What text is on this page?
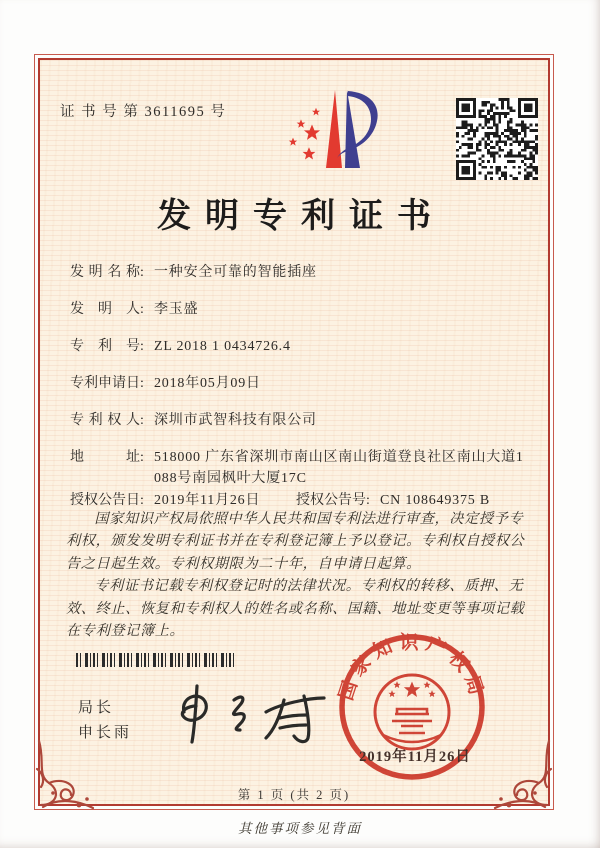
证 书 号 第 3611695 号
发明专利证书
发明名称 : 一种安全可靠的智能插座
发明人 : 李玉盛
专利号 : ZL 2018 1 0434726.4
专利申请日 : 2018年05月09日
专利权人 : 深圳市武智科技有限公司
地址 : 518000 广东省深圳市南山区南山街道登良社区南山大道1
088号南园枫叶大厦17C
授权公告日 : 2019年11月26日	授权公告号 : CN 108649375 B

国家知识产权局依照中华人民共和国专利法进行审查，决定授予专利权，颁发发明专利证书并在专利登记簿上予以登记。专利权自授权公告之日起生效。专利权期限为二十年，自申请日起算。

专利证书记载专利权登记时的法律状况。专利权的转移、质押、无效、终止、恢复和专利权人的姓名或名称、国籍、地址变更等事项记载在专利登记簿上。

局长
申长雨
国家知识产权局
2019年11月26日
第 1 页 (共 2 页)
其他事项参见背面
